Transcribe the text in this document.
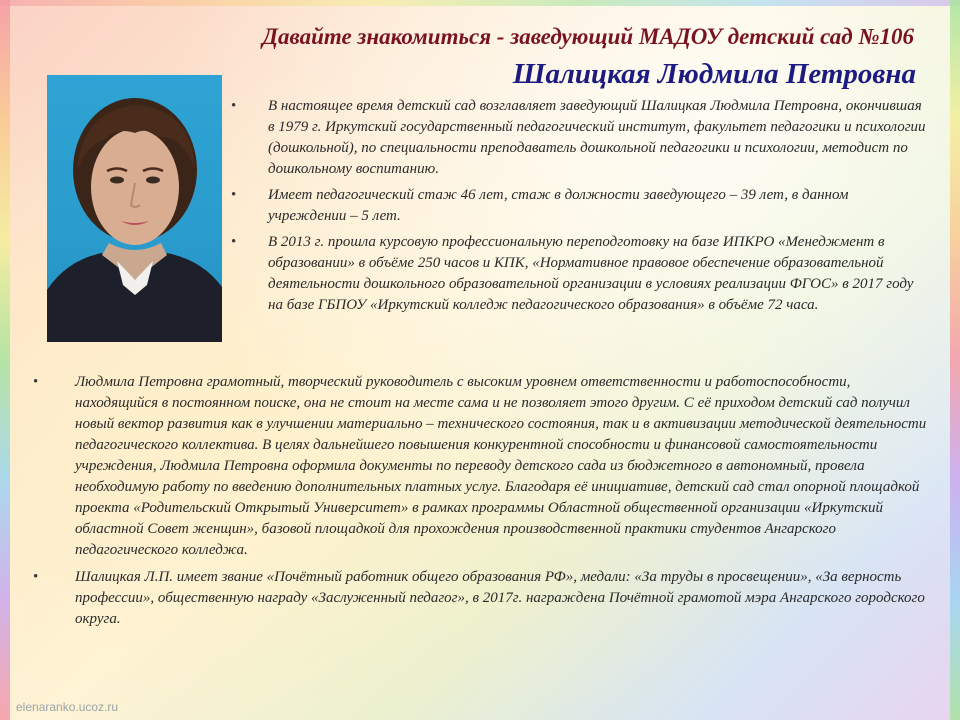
Давайте знакомиться - заведующий МАДОУ детский сад №106
Шалицкая Людмила Петровна
• В настоящее время детский сад возглавляет заведующий Шалицкая Людмила Петровна, окончившая в 1979 г. Иркутский государственный педагогический институт, факультет педагогики и психологии (дошкольной), по специальности преподаватель дошкольной педагогики и психологии, методист по дошкольному воспитанию.
• Имеет педагогический стаж 46 лет, стаж в должности заведующего – 39 лет, в данном учреждении – 5 лет.
• В 2013 г. прошла курсовую профессиональную переподготовку на базе ИПКРО «Менеджмент в образовании» в объёме 250 часов и КПК, «Нормативное правовое обеспечение образовательной деятельности дошкольного образовательной организации в условиях реализации ФГОС» в 2017 году на базе ГБПОУ «Иркутский колледж педагогического образования» в объёме 72 часа.
• Людмила Петровна грамотный, творческий руководитель с высоким уровнем ответственности и работоспособности, находящийся в постоянном поиске, она не стоит на месте сама и не позволяет этого другим. С её приходом детский сад получил новый вектор развития как в улучшении материально – технического состояния, так и в активизации методической деятельности педагогического коллектива. В целях дальнейшего повышения конкурентной способности и финансовой самостоятельности учреждения, Людмила Петровна оформила документы по переводу детского сада из бюджетного в автономный, провела необходимую работу по введению дополнительных платных услуг. Благодаря её инициативе, детский сад стал опорной площадкой проекта «Родительский Открытый Университет» в рамках программы Областной общественной организации «Иркутский областной Совет женщин», базовой площадкой для прохождения производственной практики студентов Ангарского педагогического колледжа.
• Шалицкая Л.П. имеет звание «Почётный работник общего образования РФ», медали: «За труды в просвещении», «За верность профессии», общественную награду «Заслуженный педагог», в 2017г. награждена Почётной грамотой мэра Ангарского городского округа.
elenaranko.ucoz.ru
